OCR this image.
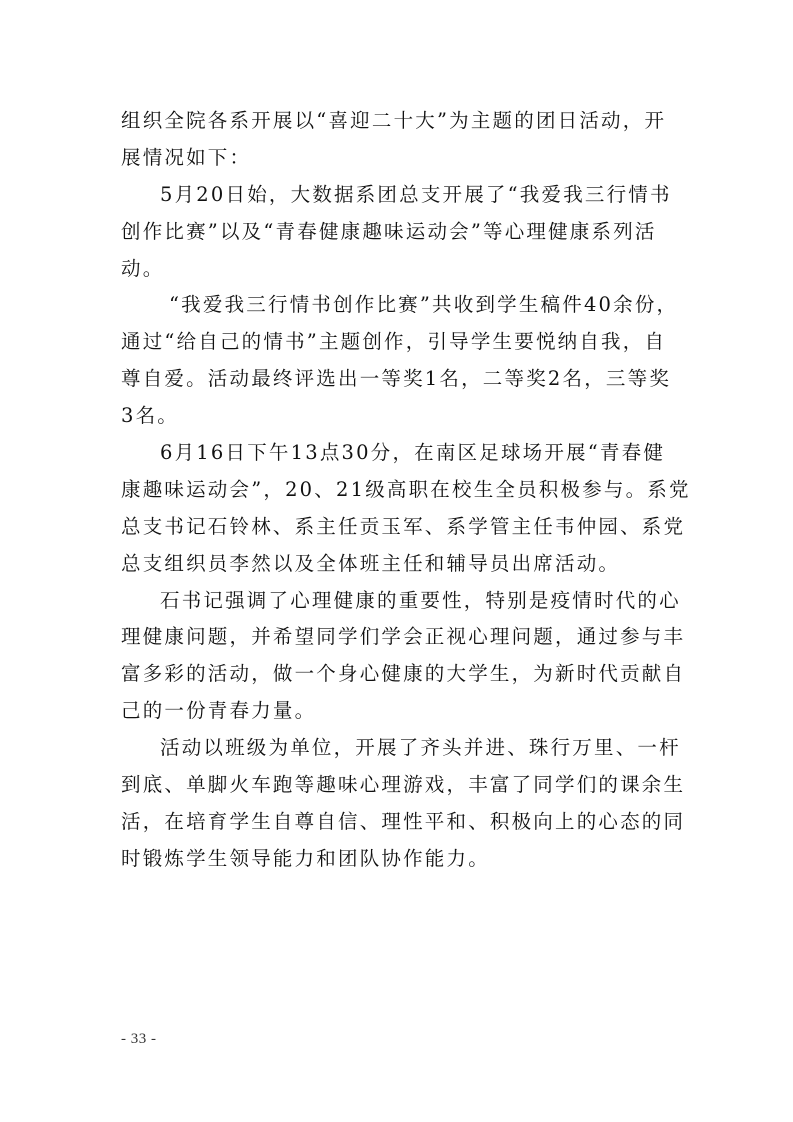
组织全院各系开展以“喜迎二十大”为主题的团日活动，开
展情况如下：
5月20日始，大数据系团总支开展了“我爱我三行情书
创作比赛”以及“青春健康趣味运动会”等心理健康系列活
动。
“我爱我三行情书创作比赛”共收到学生稿件40余份，
通过“给自己的情书”主题创作，引导学生要悦纳自我，自
尊自爱。活动最终评选出一等奖1名，二等奖2名，三等奖
3名。
6月16日下午13点30分，在南区足球场开展“青春健
康趣味运动会”，20、21级高职在校生全员积极参与。系党
总支书记石铃林、系主任贡玉军、系学管主任韦仲园、系党
总支组织员李然以及全体班主任和辅导员出席活动。
石书记强调了心理健康的重要性，特别是疫情时代的心
理健康问题，并希望同学们学会正视心理问题，通过参与丰
富多彩的活动，做一个身心健康的大学生，为新时代贡献自
己的一份青春力量。
活动以班级为单位，开展了齐头并进、珠行万里、一杆
到底、单脚火车跑等趣味心理游戏，丰富了同学们的课余生
活，在培育学生自尊自信、理性平和、积极向上的心态的同
时锻炼学生领导能力和团队协作能力。
- 33 -
